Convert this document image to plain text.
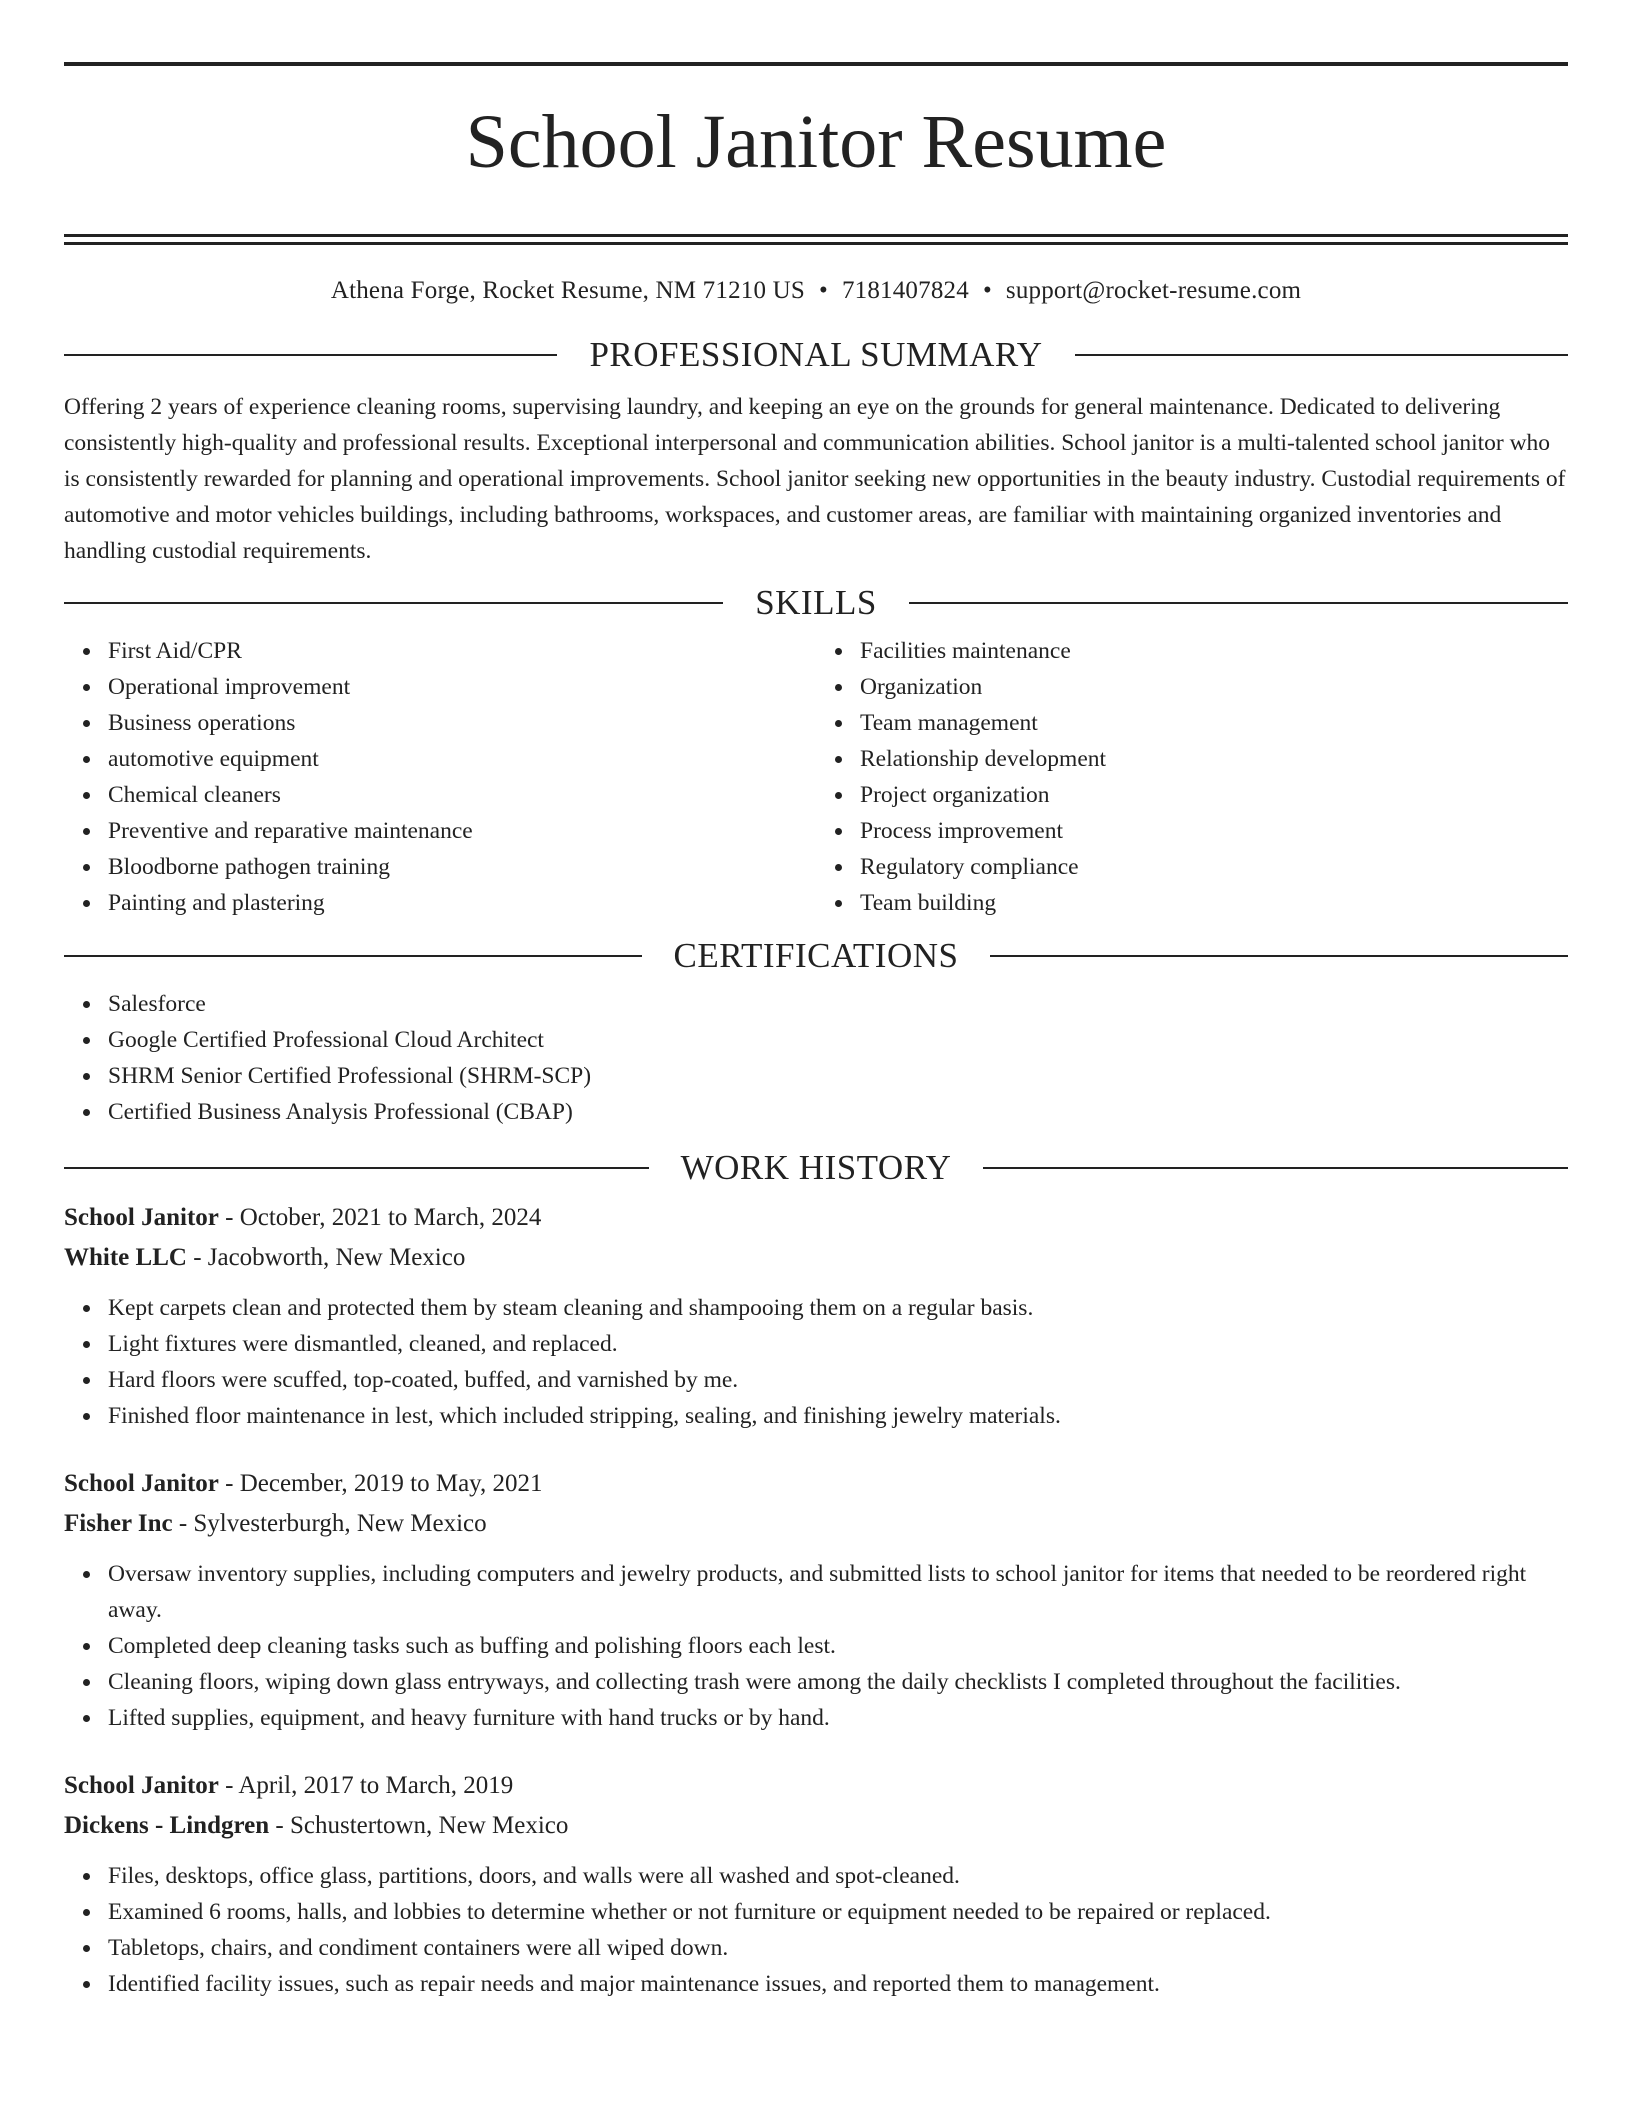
School Janitor Resume
Athena Forge, Rocket Resume, NM 71210 US • 7181407824 • support@rocket-resume.com
PROFESSIONAL SUMMARY

Offering 2 years of experience cleaning rooms, supervising laundry, and keeping an eye on the grounds for general maintenance. Dedicated to delivering consistently high-quality and professional results. Exceptional interpersonal and communication abilities. School janitor is a multi-talented school janitor who is consistently rewarded for planning and operational improvements. School janitor seeking new opportunities in the beauty industry. Custodial requirements of automotive and motor vehicles buildings, including bathrooms, workspaces, and customer areas, are familiar with maintaining organized inventories and handling custodial requirements.

SKILLS
First Aid/CPR
Operational improvement
Business operations
automotive equipment
Chemical cleaners
Preventive and reparative maintenance
Bloodborne pathogen training
Painting and plastering
Facilities maintenance
Organization
Team management
Relationship development
Project organization
Process improvement
Regulatory compliance
Team building
CERTIFICATIONS
Salesforce
Google Certified Professional Cloud Architect
SHRM Senior Certified Professional (SHRM-SCP)
Certified Business Analysis Professional (CBAP)
WORK HISTORY
School Janitor - October, 2021 to March, 2024
White LLC - Jacobworth, New Mexico
Kept carpets clean and protected them by steam cleaning and shampooing them on a regular basis.
Light fixtures were dismantled, cleaned, and replaced.
Hard floors were scuffed, top-coated, buffed, and varnished by me.
Finished floor maintenance in lest, which included stripping, sealing, and finishing jewelry materials.
School Janitor - December, 2019 to May, 2021
Fisher Inc - Sylvesterburgh, New Mexico
Oversaw inventory supplies, including computers and jewelry products, and submitted lists to school janitor for items that needed to be reordered right away.
Completed deep cleaning tasks such as buffing and polishing floors each lest.
Cleaning floors, wiping down glass entryways, and collecting trash were among the daily checklists I completed throughout the facilities.
Lifted supplies, equipment, and heavy furniture with hand trucks or by hand.
School Janitor - April, 2017 to March, 2019
Dickens - Lindgren - Schustertown, New Mexico
Files, desktops, office glass, partitions, doors, and walls were all washed and spot-cleaned.
Examined 6 rooms, halls, and lobbies to determine whether or not furniture or equipment needed to be repaired or replaced.
Tabletops, chairs, and condiment containers were all wiped down.
Identified facility issues, such as repair needs and major maintenance issues, and reported them to management.
